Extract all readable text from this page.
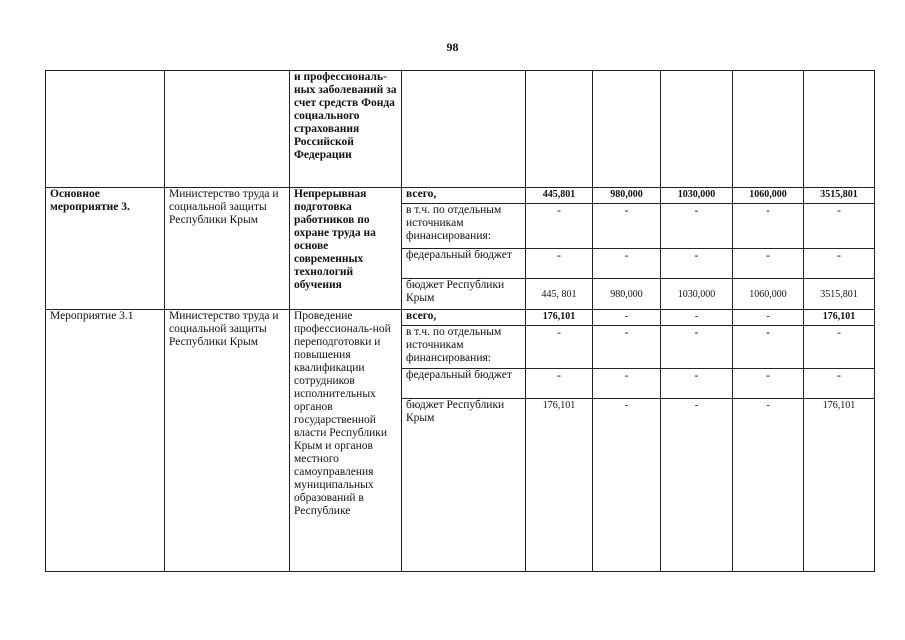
98
		и профессиональ-ных заболеваний за счет средств Фонда социального страхования Российской Федерации						
Основное мероприятие 3.	Министерство труда и социальной защиты Республики Крым	Непрерывная подготовка работников по охране труда на основе современных технологий обучения	всего,	445,801	980,000	1030,000	1060,000	3515,801
			в т.ч. по отдельным источникам финансирования:	-	-	-	-	-
			федеральный бюджет	-	-	-	-	-
			бюджет Республики Крым	445, 801	980,000	1030,000	1060,000	3515,801
Мероприятие 3.1	Министерство труда и социальной защиты Республики Крым	Проведение профессиональ-ной переподготовки и повышения квалификации сотрудников исполнительных органов государственной власти Республики Крым и органов местного самоуправления муниципальных образований в Республике	всего,	176,101	-	-	-	176,101
			в т.ч. по отдельным источникам финансирования:	-	-	-	-	-
			федеральный бюджет	-	-	-	-	-
			бюджет Республики Крым	176,101	-	-	-	176,101
